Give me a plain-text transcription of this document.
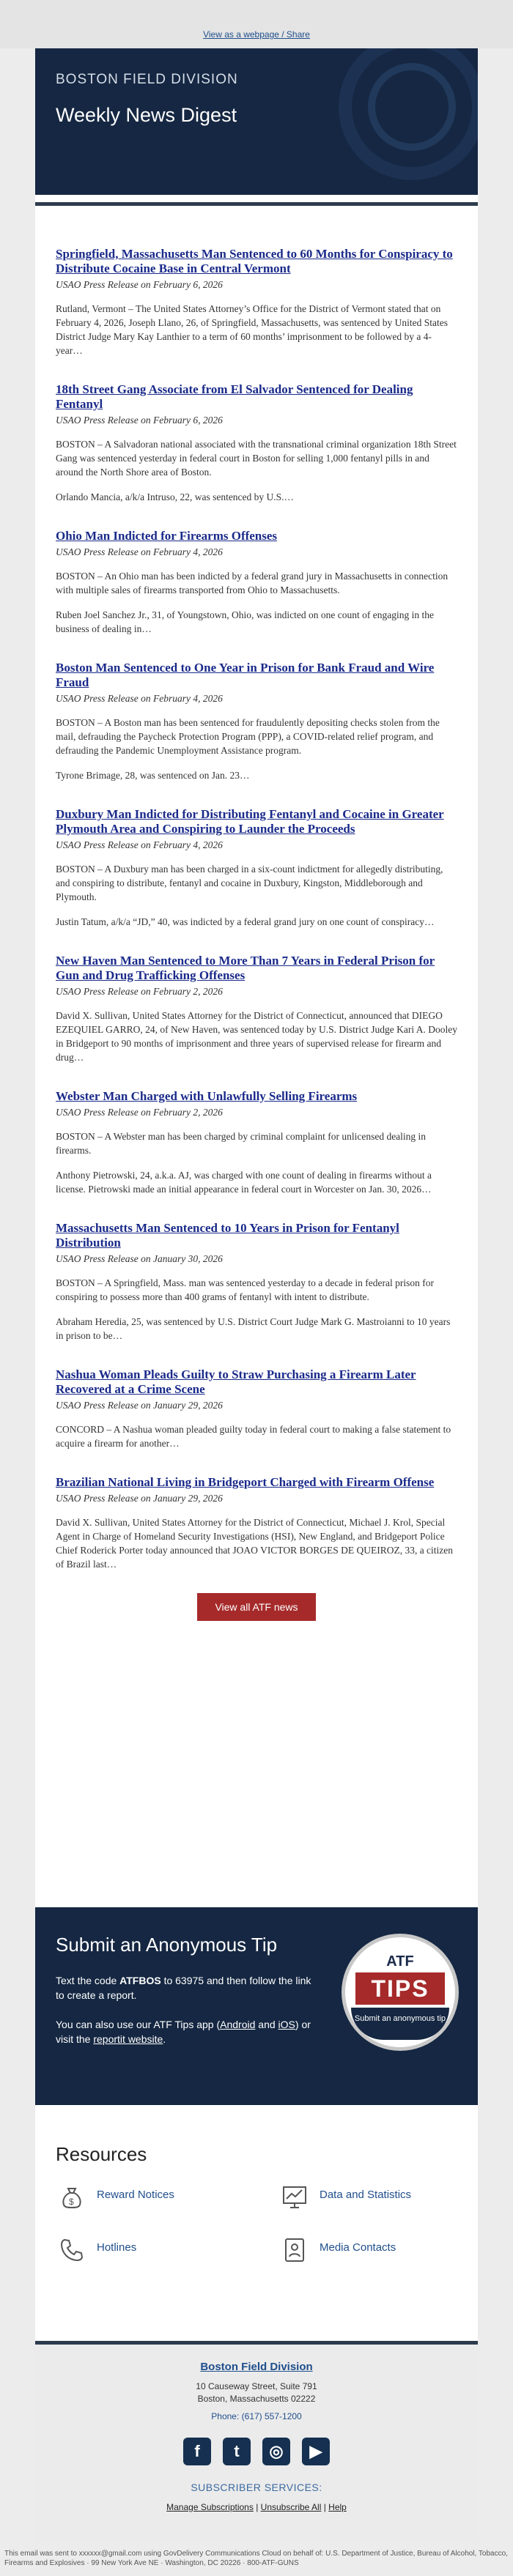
View as a webpage / Share
BOSTON FIELD DIVISION
Weekly News Digest
Springfield, Massachusetts Man Sentenced to 60 Months for Conspiracy to Distribute Cocaine Base in Central Vermont
USAO Press Release on February 6, 2026

Rutland, Vermont – The United States Attorney’s Office for the District of Vermont stated that on February 4, 2026, Joseph Llano, 26, of Springfield, Massachusetts, was sentenced by United States District Judge Mary Kay Lanthier to a term of 60 months’ imprisonment to be followed by a 4-year…

18th Street Gang Associate from El Salvador Sentenced for Dealing Fentanyl
USAO Press Release on February 6, 2026

BOSTON – A Salvadoran national associated with the transnational criminal organization 18th Street Gang was sentenced yesterday in federal court in Boston for selling 1,000 fentanyl pills in and around the North Shore area of Boston.

Orlando Mancia, a/k/a Intruso, 22, was sentenced by U.S.…

Ohio Man Indicted for Firearms Offenses
USAO Press Release on February 4, 2026

BOSTON – An Ohio man has been indicted by a federal grand jury in Massachusetts in connection with multiple sales of firearms transported from Ohio to Massachusetts.

Ruben Joel Sanchez Jr., 31, of Youngstown, Ohio, was indicted on one count of engaging in the business of dealing in…

Boston Man Sentenced to One Year in Prison for Bank Fraud and Wire Fraud
USAO Press Release on February 4, 2026

BOSTON – A Boston man has been sentenced for fraudulently depositing checks stolen from the mail, defrauding the Paycheck Protection Program (PPP), a COVID-related relief program, and defrauding the Pandemic Unemployment Assistance program.

Tyrone Brimage, 28, was sentenced on Jan. 23…

Duxbury Man Indicted for Distributing Fentanyl and Cocaine in Greater Plymouth Area and Conspiring to Launder the Proceeds
USAO Press Release on February 4, 2026

BOSTON – A Duxbury man has been charged in a six-count indictment for allegedly distributing, and conspiring to distribute, fentanyl and cocaine in Duxbury, Kingston, Middleborough and Plymouth.

Justin Tatum, a/k/a “JD,” 40, was indicted by a federal grand jury on one count of conspiracy…

New Haven Man Sentenced to More Than 7 Years in Federal Prison for Gun and Drug Trafficking Offenses
USAO Press Release on February 2, 2026

David X. Sullivan, United States Attorney for the District of Connecticut, announced that DIEGO EZEQUIEL GARRO, 24, of New Haven, was sentenced today by U.S. District Judge Kari A. Dooley in Bridgeport to 90 months of imprisonment and three years of supervised release for firearm and drug…

Webster Man Charged with Unlawfully Selling Firearms
USAO Press Release on February 2, 2026

BOSTON – A Webster man has been charged by criminal complaint for unlicensed dealing in firearms.

Anthony Pietrowski, 24, a.k.a. AJ, was charged with one count of dealing in firearms without a license. Pietrowski made an initial appearance in federal court in Worcester on Jan. 30, 2026…

Massachusetts Man Sentenced to 10 Years in Prison for Fentanyl Distribution
USAO Press Release on January 30, 2026

BOSTON – A Springfield, Mass. man was sentenced yesterday to a decade in federal prison for conspiring to possess more than 400 grams of fentanyl with intent to distribute.

Abraham Heredia, 25, was sentenced by U.S. District Court Judge Mark G. Mastroianni to 10 years in prison to be…

Nashua Woman Pleads Guilty to Straw Purchasing a Firearm Later Recovered at a Crime Scene
USAO Press Release on January 29, 2026

CONCORD – A Nashua woman pleaded guilty today in federal court to making a false statement to acquire a firearm for another…

Brazilian National Living in Bridgeport Charged with Firearm Offense
USAO Press Release on January 29, 2026

David X. Sullivan, United States Attorney for the District of Connecticut, Michael J. Krol, Special Agent in Charge of Homeland Security Investigations (HSI), New England, and Bridgeport Police Chief Roderick Porter today announced that JOAO VICTOR BORGES DE QUEIROZ, 33, a citizen of Brazil last…

View all ATF news
Submit an Anonymous Tip
Text the code ATFBOS to 63975 and then follow the link to create a report.
You can also use our ATF Tips app (Android and iOS) or visit the reportit website.
ATF
TIPS
Submit an anonymous tip
Resources
$
Reward Notices	Data and Statistics
Hotlines	Media Contacts
Boston Field Division
10 Causeway Street, Suite 791
Boston, Massachusetts 02222
Phone: (617) 557-1200
f t ◎ ▶
SUBSCRIBER SERVICES:
Manage Subscriptions | Unsubscribe All | Help
This email was sent to xxxxxx@gmail.com using GovDelivery Communications Cloud on behalf of: U.S. Department of Justice, Bureau of Alcohol, Tobacco, Firearms and Explosives · 99 New York Ave NE · Washington, DC 20226 · 800-ATF-GUNS
